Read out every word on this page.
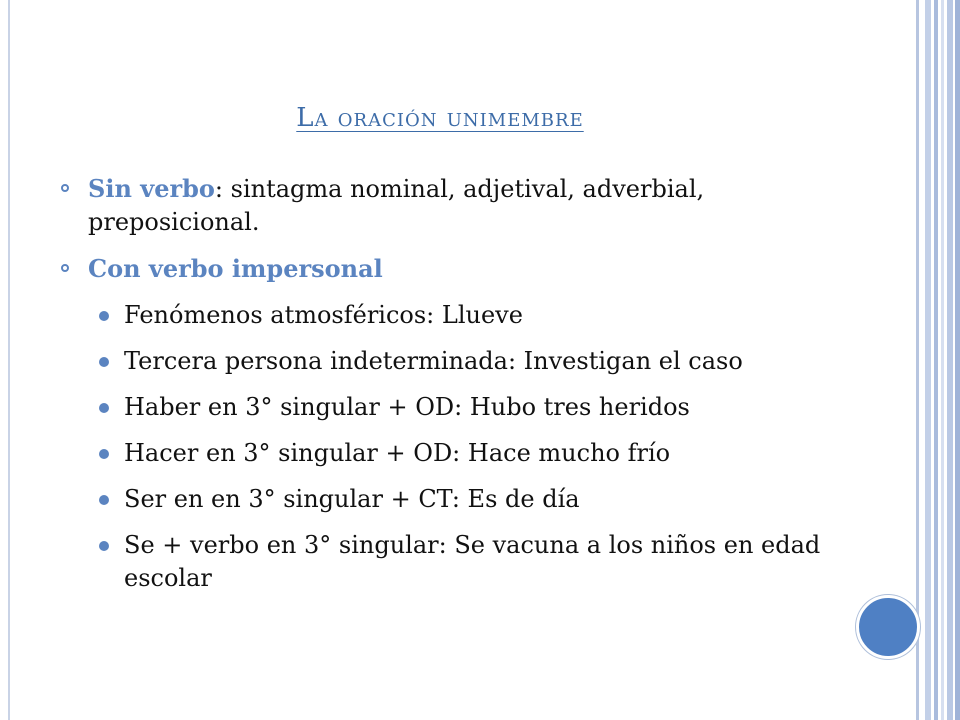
La oración unimembre
Sin verbo: sintagma nominal, adjetival, adverbial, preposicional.
Con verbo impersonal
Fenómenos atmosféricos: Llueve
Tercera persona indeterminada: Investigan el caso
Haber en 3° singular + OD: Hubo tres heridos
Hacer en 3° singular + OD: Hace mucho frío
Ser en en 3° singular + CT: Es de día
Se + verbo en 3° singular: Se vacuna a los niños en edad escolar
